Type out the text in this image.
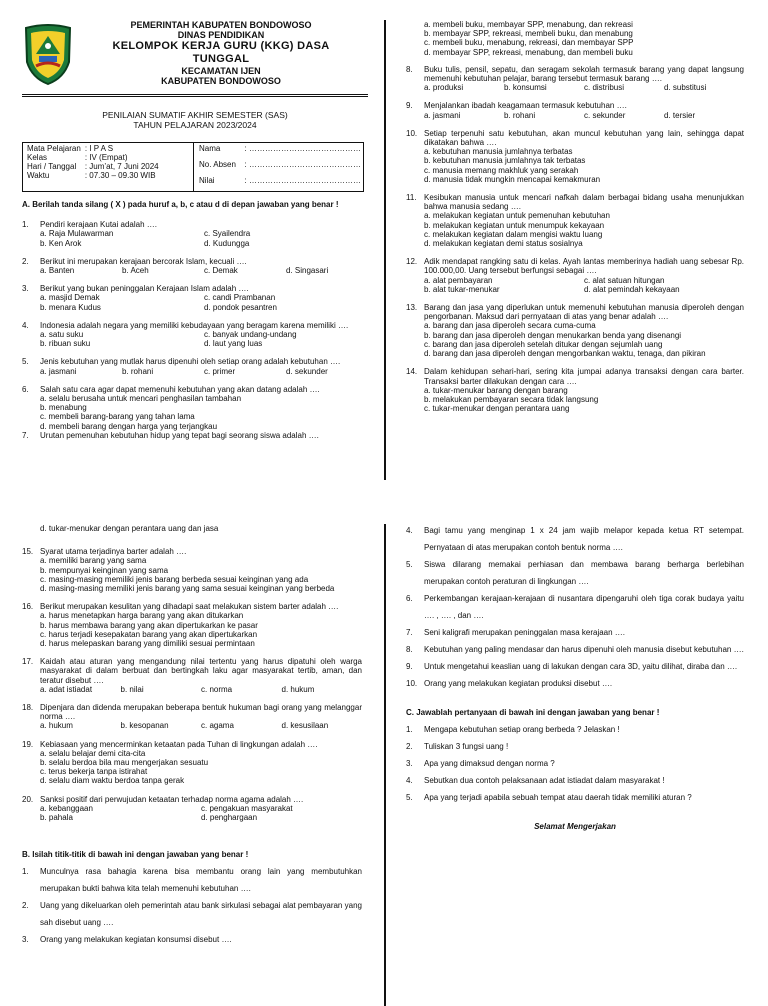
PEMERINTAH KABUPATEN BONDOWOSO
DINAS PENDIDIKAN
KELOMPOK KERJA GURU (KKG) DASA
TUNGGAL
KECAMATAN IJEN
KABUPATEN BONDOWOSO
PENILAIAN SUMATIF AKHIR SEMESTER (SAS)
TAHUN PELAJARAN 2023/2024
Mata Pelajaran	: I P A S
Kelas	: IV (Empat)
Hari / Tanggal	: Jum’at, 7 Juni 2024
Waktu	: 07.30 – 09.30 WIB
Nama	: ……………………………………
No. Absen	: ……………………………………
Nilai	: ……………………………………
A. Berilah tanda silang ( X ) pada huruf a, b, c atau d di depan jawaban yang benar !
1.	Pendiri kerajaan Kutai adalah ….
a. Raja Mulawarman	c. Syailendra
b. Ken Arok	d. Kudungga
2.	Berikut ini merupakan kerajaan bercorak Islam, kecuali ….
a. Banten	b. Aceh	c. Demak	d. Singasari
3.	Berikut yang bukan peninggalan Kerajaan Islam adalah ….
a. masjid Demak	c. candi Prambanan
b. menara Kudus	d. pondok pesantren
4.	Indonesia adalah negara yang memiliki kebudayaan yang beragam karena memiliki ….
a. satu suku	c. banyak undang-undang
b. ribuan suku	d. laut yang luas
5.	Jenis kebutuhan yang mutlak harus dipenuhi oleh setiap orang adalah kebutuhan ….
a. jasmani	b. rohani	c. primer	d. sekunder
6.	Salah satu cara agar dapat memenuhi kebutuhan yang akan datang adalah ….
a. selalu berusaha untuk mencari penghasilan tambahan
b. menabung
c. membeli barang-barang yang tahan lama
d. membeli barang dengan harga yang terjangkau
7.	Urutan pemenuhan kebutuhan hidup yang tepat bagi seorang siswa adalah ….
a. membeli buku, membayar SPP, menabung, dan rekreasi
b. membayar SPP, rekreasi, membeli buku, dan menabung
c. membeli buku, menabung, rekreasi, dan membayar SPP
d. membayar SPP, rekreasi, menabung, dan membeli buku
8.	Buku tulis, pensil, sepatu, dan seragam sekolah termasuk barang yang dapat langsung memenuhi kebutuhan pelajar, barang tersebut termasuk barang ….
a. produksi	b. konsumsi	c. distribusi	d. substitusi
9.	Menjalankan ibadah keagamaan termasuk kebutuhan ….
a. jasmani	b. rohani	c. sekunder	d. tersier
10. Setiap terpenuhi satu kebutuhan, akan muncul kebutuhan yang lain, sehingga dapat dikatakan bahwa ….
a. kebutuhan manusia jumlahnya terbatas
b. kebutuhan manusia jumlahnya tak terbatas
c. manusia memang makhluk yang serakah
d. manusia tidak mungkin mencapai kemakmuran
11. Kesibukan manusia untuk mencari nafkah dalam berbagai bidang usaha menunjukkan bahwa manusia sedang ….
a. melakukan kegiatan untuk pemenuhan kebutuhan
b. melakukan kegiatan untuk menumpuk kekayaan
c. melakukan kegiatan dalam mengisi waktu luang
d. melakukan kegiatan demi status sosialnya
12. Adik mendapat rangking satu di kelas. Ayah lantas memberinya hadiah uang sebesar Rp. 100.000,00. Uang tersebut berfungsi sebagai ….
a. alat pembayaran	c. alat satuan hitungan
b. alat tukar-menukar	d. alat pemindah kekayaan
13. Barang dan jasa yang diperlukan untuk memenuhi kebutuhan manusia diperoleh dengan pengorbanan. Maksud dari pernyataan di atas yang benar adalah ….
a. barang dan jasa diperoleh secara cuma-cuma
b. barang dan jasa diperoleh dengan menukarkan benda yang disenangi
c. barang dan jasa diperoleh setelah ditukar dengan sejumlah uang
d. barang dan jasa diperoleh dengan mengorbankan waktu, tenaga, dan pikiran
14. Dalam kehidupan sehari-hari, sering kita jumpai adanya transaksi dengan cara barter. Transaksi barter dilakukan dengan cara ….
a. tukar-menukar barang dengan barang
b. melakukan pembayaran secara tidak langsung
c. tukar-menukar dengan perantara uang
d. tukar-menukar dengan perantara uang dan jasa
15. Syarat utama terjadinya barter adalah ….
a. memiliki barang yang sama
b. mempunyai keinginan yang sama
c. masing-masing memiliki jenis barang berbeda sesuai keinginan yang ada
d. masing-masing memiliki jenis barang yang sama sesuai keinginan yang berbeda
16. Berikut merupakan kesulitan yang dihadapi saat melakukan sistem barter adalah ….
a. harus menetapkan harga barang yang akan ditukarkan
b. harus membawa barang yang akan dipertukarkan ke pasar
c. harus terjadi kesepakatan barang yang akan dipertukarkan
d. harus melepaskan barang yang dimiliki sesuai permintaan
17. Kaidah atau aturan yang mengandung nilai tertentu yang harus dipatuhi oleh warga masyarakat di dalam berbuat dan bertingkah laku agar masyarakat tertib, aman, dan teratur disebut ….
a. adat istiadat	b. nilai	c. norma	d. hukum
18. Dipenjara dan didenda merupakan beberapa bentuk hukuman bagi orang yang melanggar norma ….
a. hukum	b. kesopanan	c. agama	d. kesusilaan
19. Kebiasaan yang mencerminkan ketaatan pada Tuhan di lingkungan adalah ….
a. selalu belajar demi cita-cita
b. selalu berdoa bila mau mengerjakan sesuatu
c. terus bekerja tanpa istirahat
d. selalu diam waktu berdoa tanpa gerak
20. Sanksi positif dari perwujudan ketaatan terhadap norma agama adalah ….
a. kebanggaan	c. pengakuan masyarakat
b. pahala	d. penghargaan
B. Isilah titik-titik di bawah ini dengan jawaban yang benar !
1.	Munculnya rasa bahagia karena bisa membantu orang lain yang membutuhkan merupakan bukti bahwa kita telah memenuhi kebutuhan ….
2.	Uang yang dikeluarkan oleh pemerintah atau bank sirkulasi sebagai alat pembayaran yang sah disebut uang ….
3.	Orang yang melakukan kegiatan konsumsi disebut ….
4.	Bagi tamu yang menginap 1 x 24 jam wajib melapor kepada ketua RT setempat. Pernyataan di atas merupakan contoh bentuk norma ….
5.	Siswa dilarang memakai perhiasan dan membawa barang berharga berlebihan merupakan contoh peraturan di lingkungan ….
6.	Perkembangan kerajaan-kerajaan di nusantara dipengaruhi oleh tiga corak budaya yaitu …. , …. , dan ….
7.	Seni kaligrafi merupakan peninggalan masa kerajaan ….
8.	Kebutuhan yang paling mendasar dan harus dipenuhi oleh manusia disebut kebutuhan ….
9.	Untuk mengetahui keaslian uang di lakukan dengan cara 3D, yaitu dilihat, diraba dan ….
10. Orang yang melakukan kegiatan produksi disebut ….
C. Jawablah pertanyaan di bawah ini dengan jawaban yang benar !
1.	Mengapa kebutuhan setiap orang berbeda ? Jelaskan !
2.	Tuliskan 3 fungsi uang !
3.	Apa yang dimaksud dengan norma ?
4.	Sebutkan dua contoh pelaksanaan adat istiadat dalam masyarakat !
5.	Apa yang terjadi apabila sebuah tempat atau daerah tidak memiliki aturan ?
Selamat Mengerjakan
